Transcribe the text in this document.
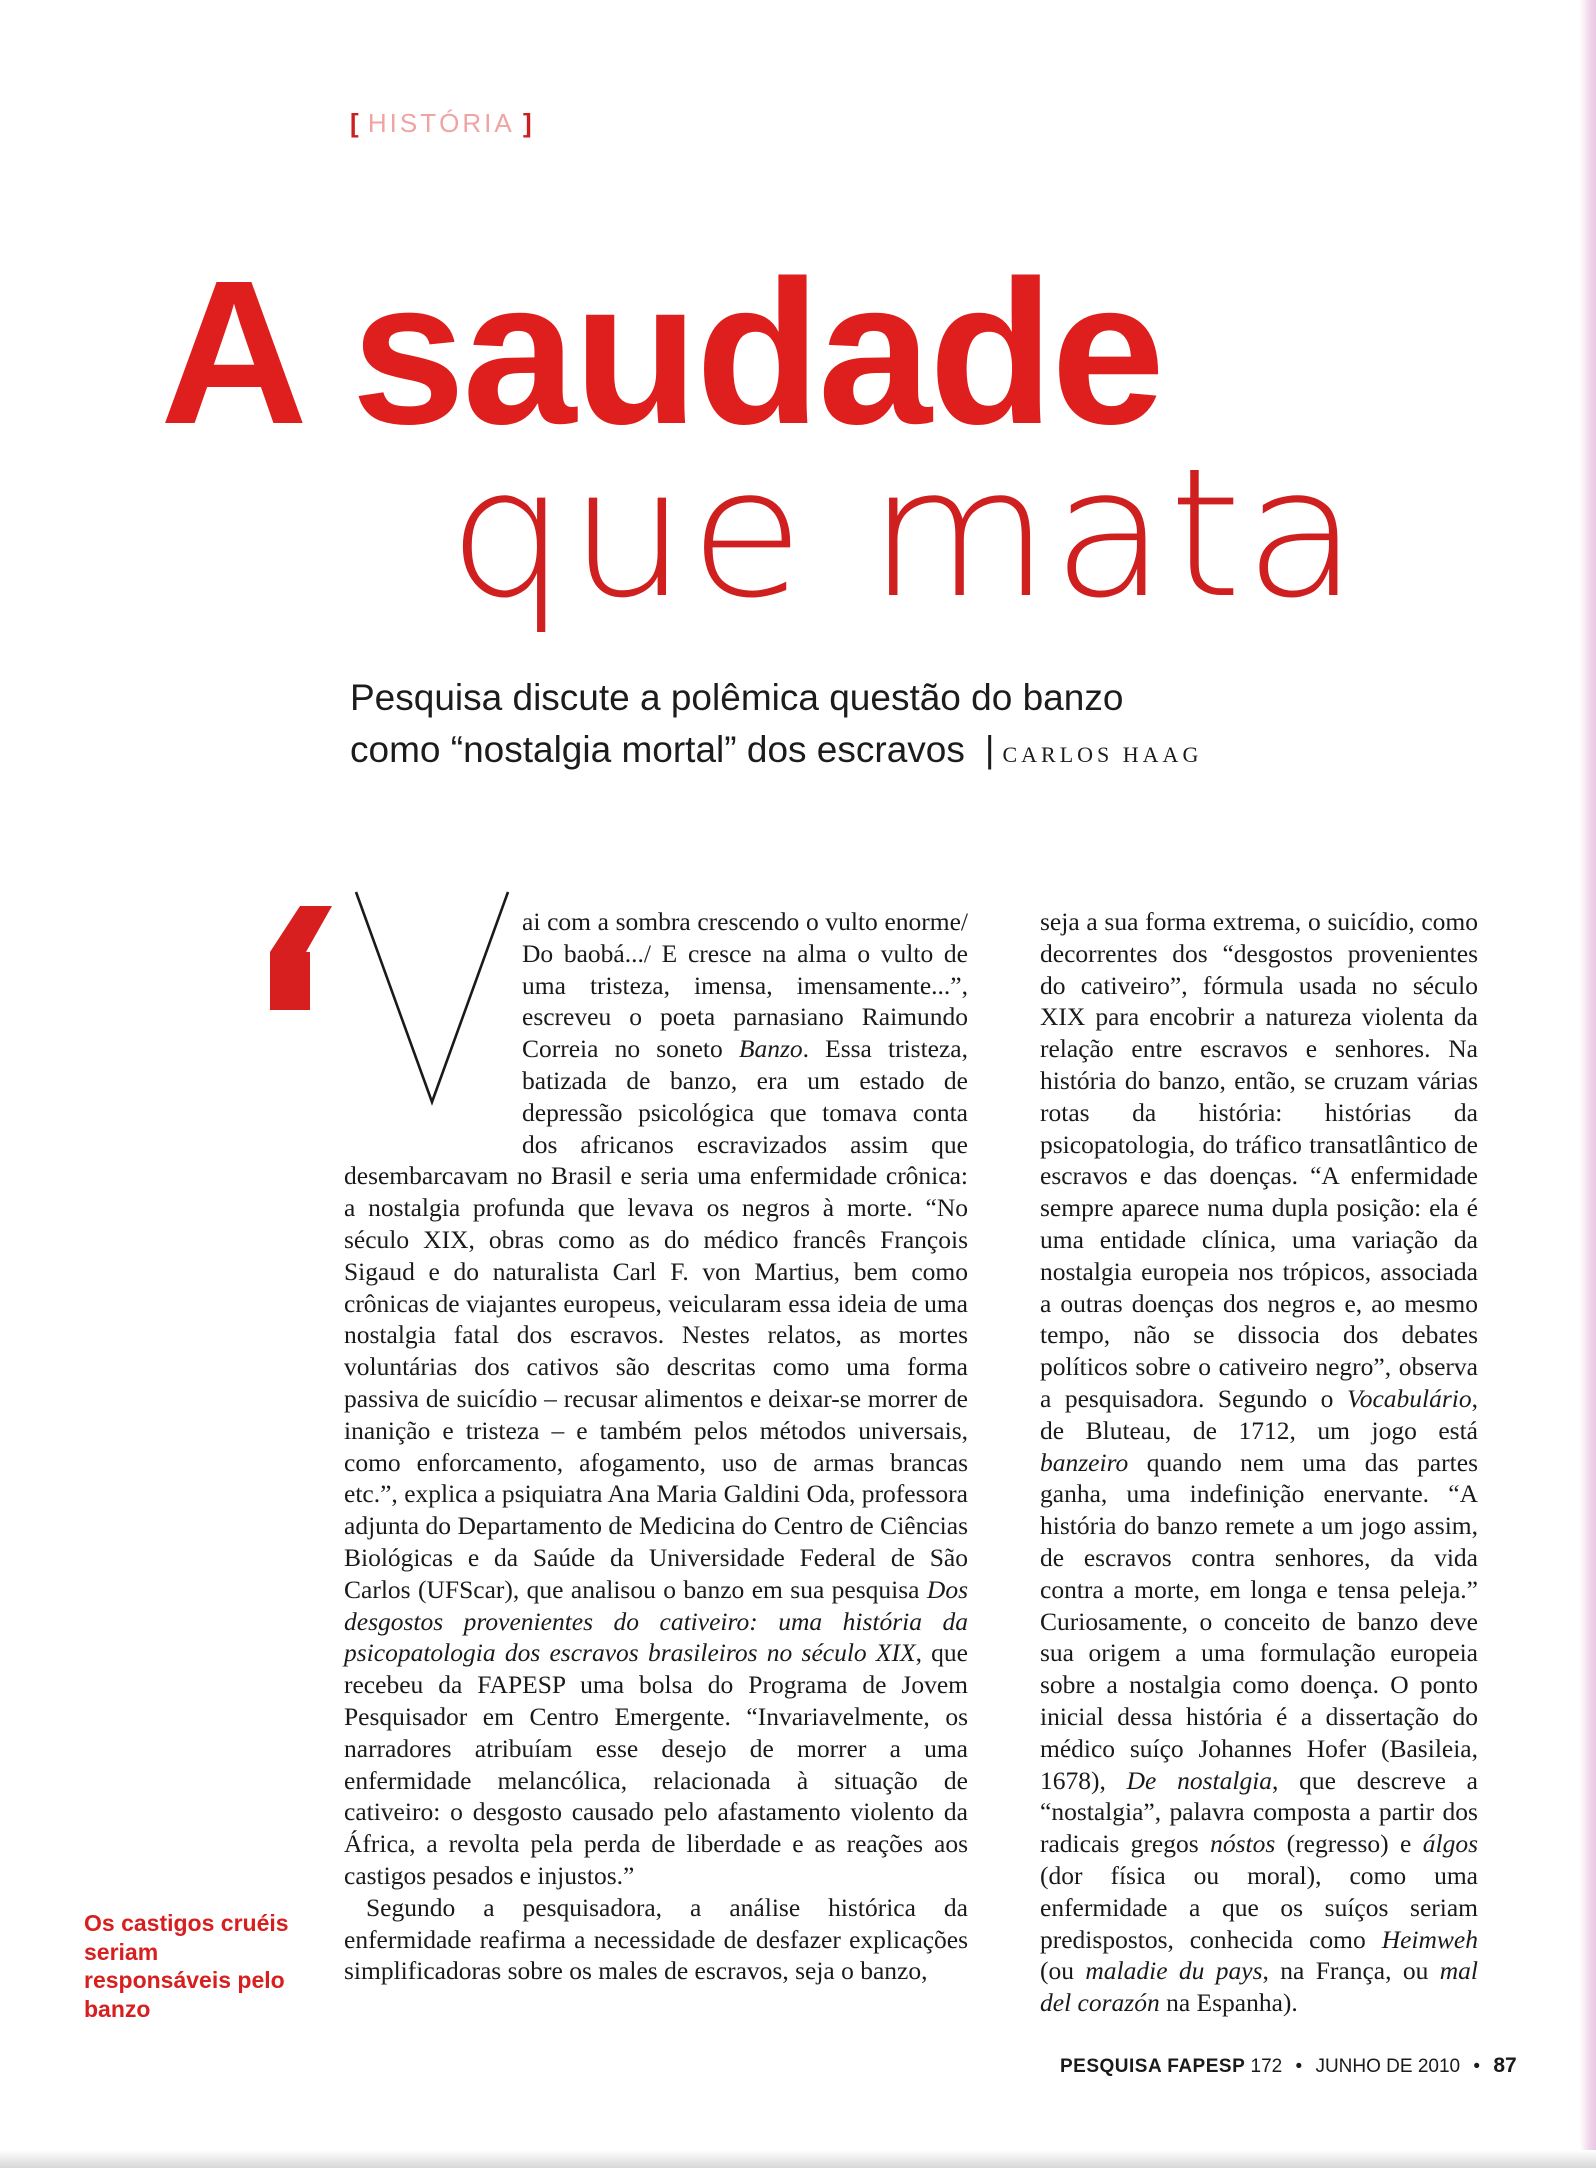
[ HISTÓRIA ]
A saudade
que mata
Pesquisa discute a polêmica questão do banzo
como “nostalgia mortal” dos escravos | CARLOS HAAG

ai com a sombra crescendo o vulto enorme/ Do baobá.../ E cresce na alma o vulto de uma tristeza, imensa, imensamente...”, escreveu o poeta parnasiano Raimundo Correia no soneto Banzo. Essa tristeza, batizada de banzo, era um estado de depressão psicológica que tomava conta dos africanos escravizados assim que desembarcavam no Brasil e seria uma enfermidade crônica: a nostalgia profunda que levava os negros à morte. “No século XIX, obras como as do médico francês François Sigaud e do naturalista Carl F. von Martius, bem como crônicas de viajantes europeus, veicularam essa ideia de uma nostalgia fatal dos escravos. Nestes relatos, as mortes voluntárias dos cativos são descritas como uma forma passiva de suicídio – recusar alimentos e deixar-se morrer de inanição e tristeza – e também pelos métodos universais, como enforcamento, afogamento, uso de armas brancas etc.”, explica a psiquiatra Ana Maria Galdini Oda, professora adjunta do Departamento de Medicina do Centro de Ciências Biológicas e da Saúde da Universidade Federal de São Carlos (UFScar), que analisou o banzo em sua pesquisa Dos desgostos provenientes do cativeiro: uma história da psicopatologia dos escravos brasileiros no século XIX, que recebeu da FAPESP uma bolsa do Programa de Jovem Pesquisador em Centro Emergente. “Invariavelmente, os narradores atribuíam esse desejo de morrer a uma enfermidade melancólica, relacionada à situação de cativeiro: o desgosto causado pelo afastamento violento da África, a revolta pela perda de liberdade e as reações aos castigos pesados e injustos.”

Segundo a pesquisadora, a análise histórica da enfermidade reafirma a necessidade de desfazer explicações simplificadoras sobre os males de escravos, seja o banzo,

seja a sua forma extrema, o suicídio, como decorrentes dos “desgostos provenientes do cativeiro”, fórmula usada no século XIX para encobrir a natureza violenta da relação entre escravos e senhores. Na história do banzo, então, se cruzam várias rotas da história: histórias da psicopatologia, do tráfico transatlântico de escravos e das doenças. “A enfermidade sempre aparece numa dupla posição: ela é uma entidade clínica, uma variação da nostalgia europeia nos trópicos, associada a outras doenças dos negros e, ao mesmo tempo, não se dissocia dos debates políticos sobre o cativeiro negro”, observa a pesquisadora. Segundo o Vocabulário, de Bluteau, de 1712, um jogo está banzeiro quando nem uma das partes ganha, uma indefinição enervante. “A história do banzo remete a um jogo assim, de escravos contra senhores, da vida contra a morte, em longa e tensa peleja.” Curiosamente, o conceito de banzo deve sua origem a uma formulação europeia sobre a nostalgia como doença. O ponto inicial dessa história é a dissertação do médico suíço Johannes Hofer (Basileia, 1678), De nostalgia, que descreve a “nostalgia”, palavra composta a partir dos radicais gregos nóstos (regresso) e álgos (dor física ou moral), como uma enfermidade a que os suíços seriam predispostos, conhecida como Heimweh (ou maladie du pays, na França, ou mal del corazón na Espanha).

Os castigos cruéis seriam responsáveis pelo banzo
PESQUISA FAPESP 172 • JUNHO DE 2010 • 87
